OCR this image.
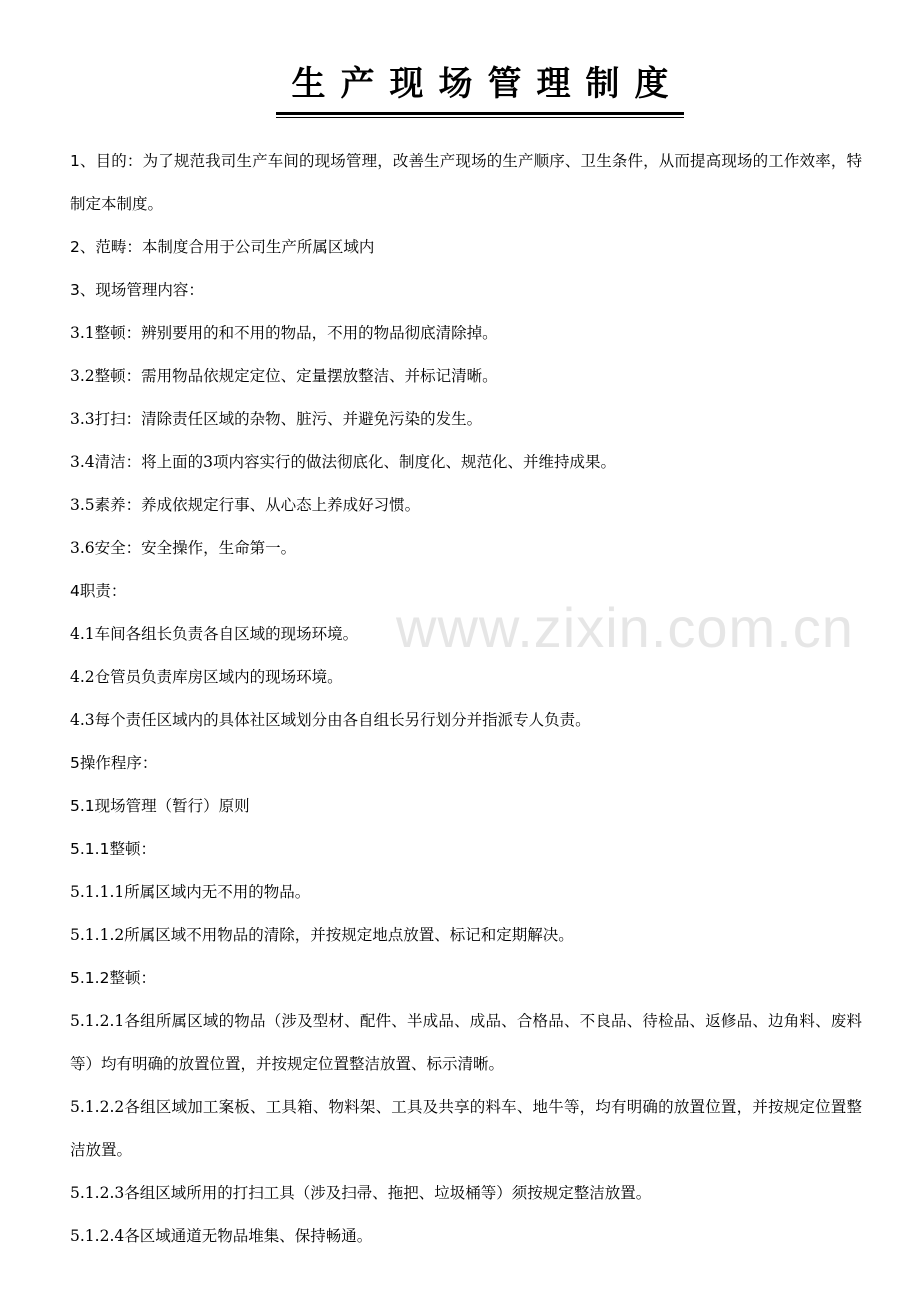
生产现场管理制度
www.zixin.com.cn

1、目的：为了规范我司生产车间的现场管理，改善生产现场的生产顺序、卫生条件，从而提高现场的工作效率，特制定本制度。

2、范畴：本制度合用于公司生产所属区域内

3、现场管理内容：

3.1整顿：辨别要用的和不用的物品，不用的物品彻底清除掉。

3.2整顿：需用物品依规定定位、定量摆放整洁、并标记清晰。

3.3打扫：清除责任区域的杂物、脏污、并避免污染的发生。

3.4清洁：将上面的3项内容实行的做法彻底化、制度化、规范化、并维持成果。

3.5素养：养成依规定行事、从心态上养成好习惯。

3.6安全：安全操作，生命第一。

4职责：

4.1车间各组长负责各自区域的现场环境。

4.2仓管员负责库房区域内的现场环境。

4.3每个责任区域内的具体社区域划分由各自组长另行划分并指派专人负责。

5操作程序：

5.1现场管理（暂行）原则

5.1.1整顿：

5.1.1.1所属区域内无不用的物品。

5.1.1.2所属区域不用物品的清除，并按规定地点放置、标记和定期解决。

5.1.2整顿：

5.1.2.1各组所属区域的物品（涉及型材、配件、半成品、成品、合格品、不良品、待检品、返修品、边角料、废料等）均有明确的放置位置，并按规定位置整洁放置、标示清晰。

5.1.2.2各组区域加工案板、工具箱、物料架、工具及共享的料车、地牛等，均有明确的放置位置，并按规定位置整洁放置。

5.1.2.3各组区域所用的打扫工具（涉及扫帚、拖把、垃圾桶等）须按规定整洁放置。

5.1.2.4各区域通道无物品堆集、保持畅通。
